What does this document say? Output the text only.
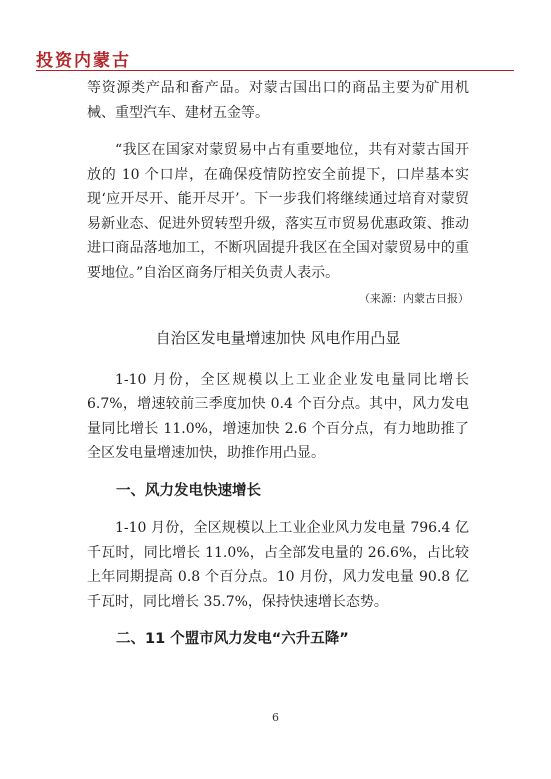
投资内蒙古

等资源类产品和畜产品。对蒙古国出口的商品主要为矿用机械、重型汽车、建材五金等。

“我区在国家对蒙贸易中占有重要地位，共有对蒙古国开放的 10 个口岸，在确保疫情防控安全前提下，口岸基本实现‘应开尽开、能开尽开’。下一步我们将继续通过培育对蒙贸易新业态、促进外贸转型升级，落实互市贸易优惠政策、推动进口商品落地加工，不断巩固提升我区在全国对蒙贸易中的重要地位。”自治区商务厅相关负责人表示。

（来源：内蒙古日报）

自治区发电量增速加快 风电作用凸显

1-10 月份，全区规模以上工业企业发电量同比增长 6.7%，增速较前三季度加快 0.4 个百分点。其中，风力发电量同比增长 11.0%，增速加快 2.6 个百分点，有力地助推了全区发电量增速加快，助推作用凸显。

一、风力发电快速增长

1-10 月份，全区规模以上工业企业风力发电量 796.4 亿千瓦时，同比增长 11.0%，占全部发电量的 26.6%，占比较上年同期提高 0.8 个百分点。10 月份，风力发电量 90.8 亿千瓦时，同比增长 35.7%，保持快速增长态势。

二、11 个盟市风力发电“六升五降”

6
